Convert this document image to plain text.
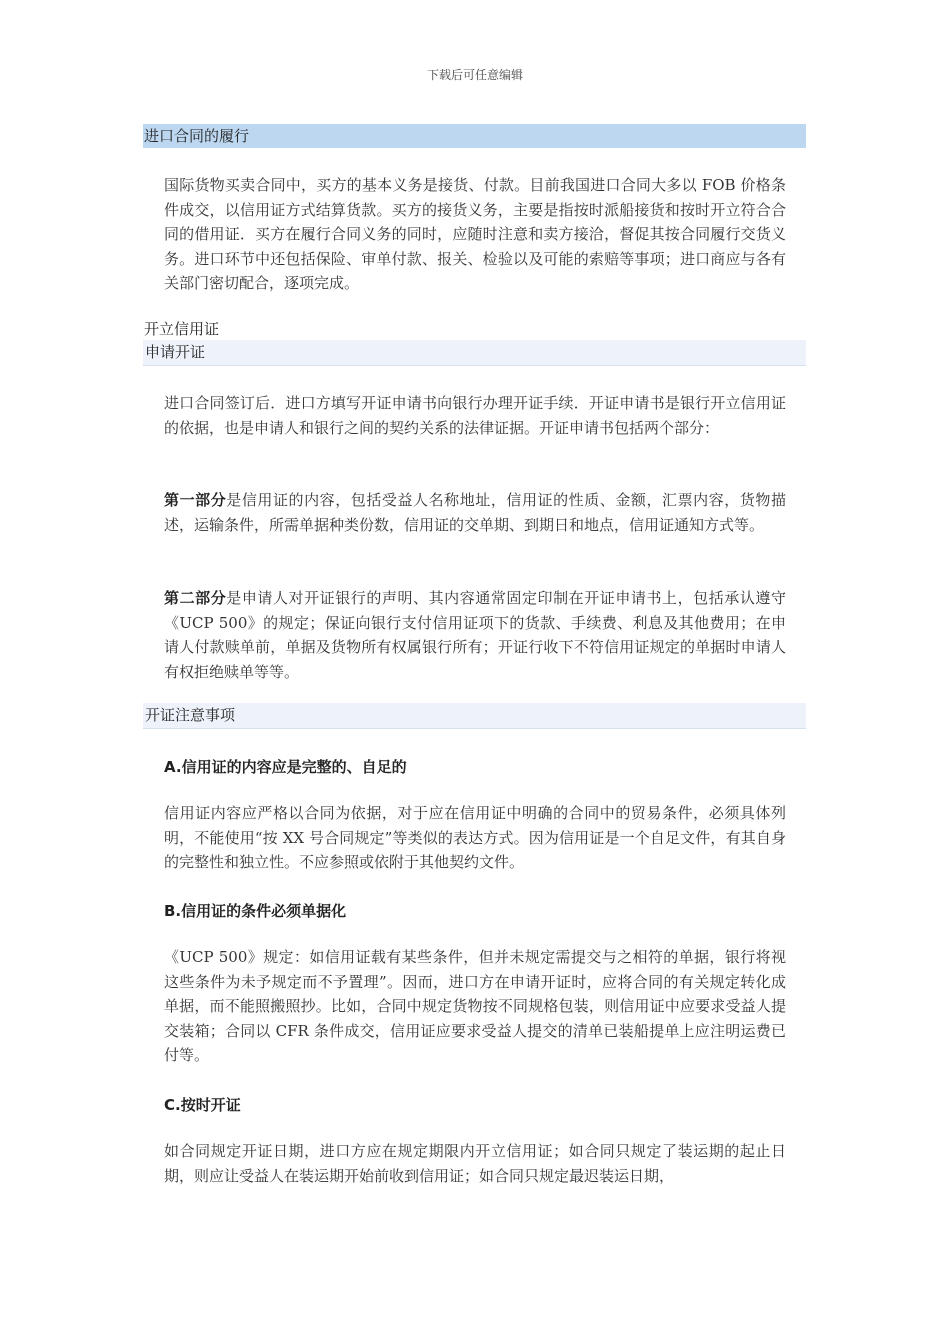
下载后可任意编辑
进口合同的履行
国际货物买卖合同中，买方的基本义务是接货、付款。目前我国进口合同大多以 FOB 价格条件成交，以信用证方式结算货款。买方的接货义务，主要是指按时派船接货和按时开立符合合同的借用证．买方在履行合同义务的同时，应随时注意和卖方接洽，督促其按合同履行交货义务。进口环节中还包括保险、审单付款、报关、检验以及可能的索赔等事项；进口商应与各有关部门密切配合，逐项完成。
开立信用证
申请开证
进口合同签订后．进口方填写开证申请书向银行办理开证手续．开证申请书是银行开立信用证的依据，也是申请人和银行之间的契约关系的法律证据。开证申请书包括两个部分：
第一部分是信用证的内容，包括受益人名称地址，信用证的性质、金额，汇票内容，货物描述，运输条件，所需单据种类份数，信用证的交单期、到期日和地点，信用证通知方式等。
第二部分是申请人对开证银行的声明、其内容通常固定印制在开证申请书上，包括承认遵守《UCP 500》的规定；保证向银行支付信用证项下的货款、手续费、利息及其他费用；在申请人付款赎单前，单据及货物所有权属银行所有；开证行收下不符信用证规定的单据时申请人有权拒绝赎单等等。
开证注意事项
A.信用证的内容应是完整的、自足的
信用证内容应严格以合同为依据，对于应在信用证中明确的合同中的贸易条件，必须具体列明，不能使用“按 XX 号合同规定”等类似的表达方式。因为信用证是一个自足文件，有其自身的完整性和独立性。不应参照或依附于其他契约文件。
B.信用证的条件必须单据化
《UCP 500》规定：如信用证载有某些条件，但并未规定需提交与之相符的单据，银行将视这些条件为未予规定而不予置理”。因而，进口方在申请开证时，应将合同的有关规定转化成单据，而不能照搬照抄。比如，合同中规定货物按不同规格包装，则信用证中应要求受益人提交装箱；合同以 CFR 条件成交，信用证应要求受益人提交的清单已装船提单上应注明运费已付等。
C.按时开证
如合同规定开证日期，进口方应在规定期限内开立信用证；如合同只规定了装运期的起止日期，则应让受益人在装运期开始前收到信用证；如合同只规定最迟装运日期，
